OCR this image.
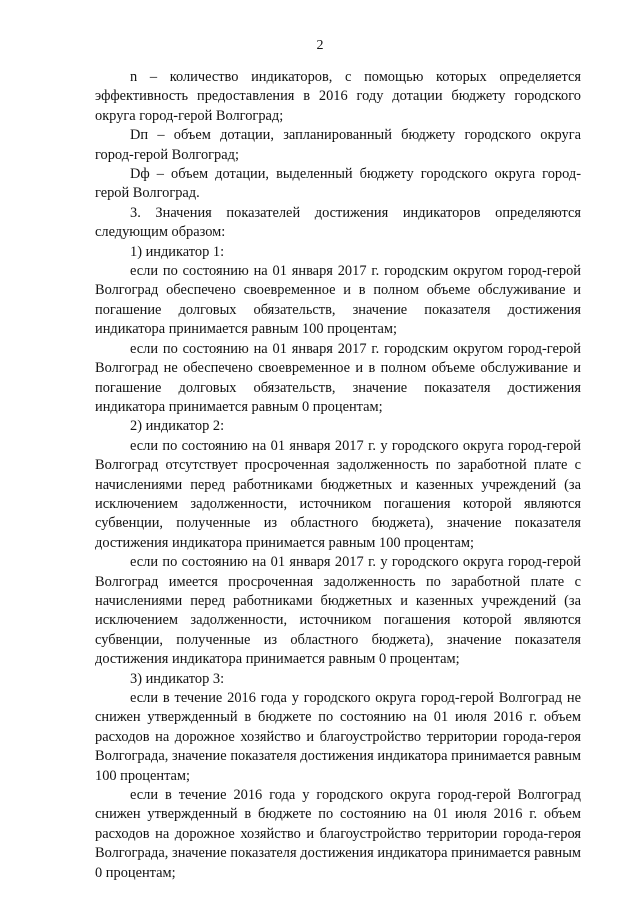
2

n – количество индикаторов, с помощью которых определяется эффективность предоставления в 2016 году дотации бюджету городского округа город-герой Волгоград;

Dп – объем дотации, запланированный бюджету городского округа город-герой Волгоград;

Dф – объем дотации, выделенный бюджету городского округа город-герой Волгоград.

3. Значения показателей достижения индикаторов определяются следующим образом:

1) индикатор 1:

если по состоянию на 01 января 2017 г. городским округом город-герой Волгоград обеспечено своевременное и в полном объеме обслуживание и погашение долговых обязательств, значение показателя достижения индикатора принимается равным 100 процентам;

если по состоянию на 01 января 2017 г. городским округом город-герой Волгоград не обеспечено своевременное и в полном объеме обслуживание и погашение долговых обязательств, значение показателя достижения индикатора принимается равным 0 процентам;

2) индикатор 2:

если по состоянию на 01 января 2017 г. у городского округа город-герой Волгоград отсутствует просроченная задолженность по заработной плате с начислениями перед работниками бюджетных и казенных учреждений (за исключением задолженности, источником погашения которой являются субвенции, полученные из областного бюджета), значение показателя достижения индикатора принимается равным 100 процентам;

если по состоянию на 01 января 2017 г. у городского округа город-герой Волгоград имеется просроченная задолженность по заработной плате с начислениями перед работниками бюджетных и казенных учреждений (за исключением задолженности, источником погашения которой являются субвенции, полученные из областного бюджета), значение показателя достижения индикатора принимается равным 0 процентам;

3) индикатор 3:

если в течение 2016 года у городского округа город-герой Волгоград не снижен утвержденный в бюджете по состоянию на 01 июля 2016 г. объем расходов на дорожное хозяйство и благоустройство территории города-героя Волгограда, значение показателя достижения индикатора принимается равным 100 процентам;

если в течение 2016 года у городского округа город-герой Волгоград снижен утвержденный в бюджете по состоянию на 01 июля 2016 г. объем расходов на дорожное хозяйство и благоустройство территории города-героя Волгограда, значение показателя достижения индикатора принимается равным 0 процентам;
